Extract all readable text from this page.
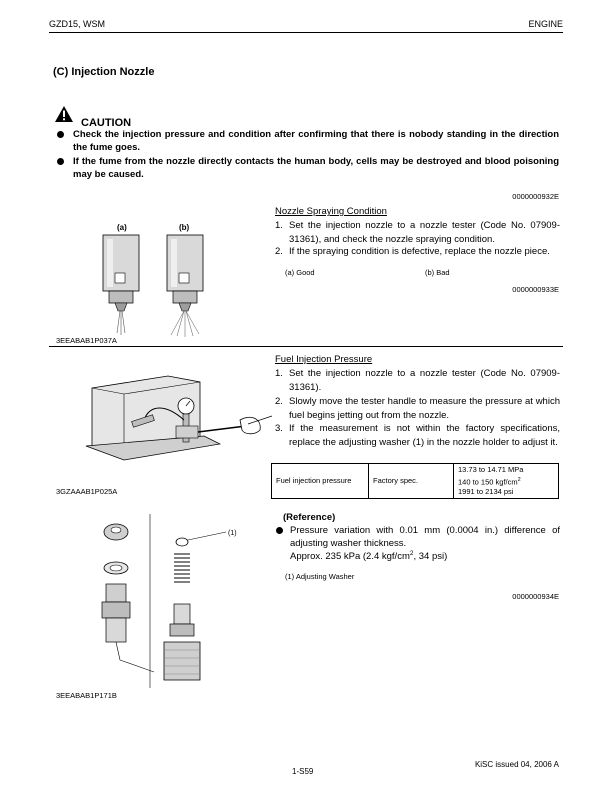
GZD15, WSM	ENGINE
(C) Injection Nozzle
CAUTION
Check the injection pressure and condition after confirming that there is nobody standing in the direction the fume goes.
If the fume from the nozzle directly contacts the human body, cells may be destroyed and blood poisoning may be caused.
0000000932E
(a)	(b)
3EEABAB1P037A
Nozzle Spraying Condition
1. Set the injection nozzle to a nozzle tester (Code No. 07909-31361), and check the nozzle spraying condition.
2. If the spraying condition is defective, replace the nozzle piece.
(a) Good	(b) Bad
0000000933E
3GZAAAB1P025A
Fuel Injection Pressure
1. Set the injection nozzle to a nozzle tester (Code No. 07909-31361).
2. Slowly move the tester handle to measure the pressure at which fuel begins jetting out from the nozzle.
3. If the measurement is not within the factory specifications, replace the adjusting washer (1) in the nozzle holder to adjust it.
Fuel injection pressure	Factory spec.	
13.73 to 14.71 MPa
140 to 150 kgf/$cm^2$
1991 to 2134 psi
(1)
3EEABAB1P171B
(Reference)
Pressure variation with 0.01 mm (0.0004 in.) difference of adjusting washer thickness.
Approx. 235 kPa (2.4 kgf/$cm^2$, 34 psi)
(1) Adjusting Washer
0000000934E
KiSC issued 04, 2006 A
1-S59
